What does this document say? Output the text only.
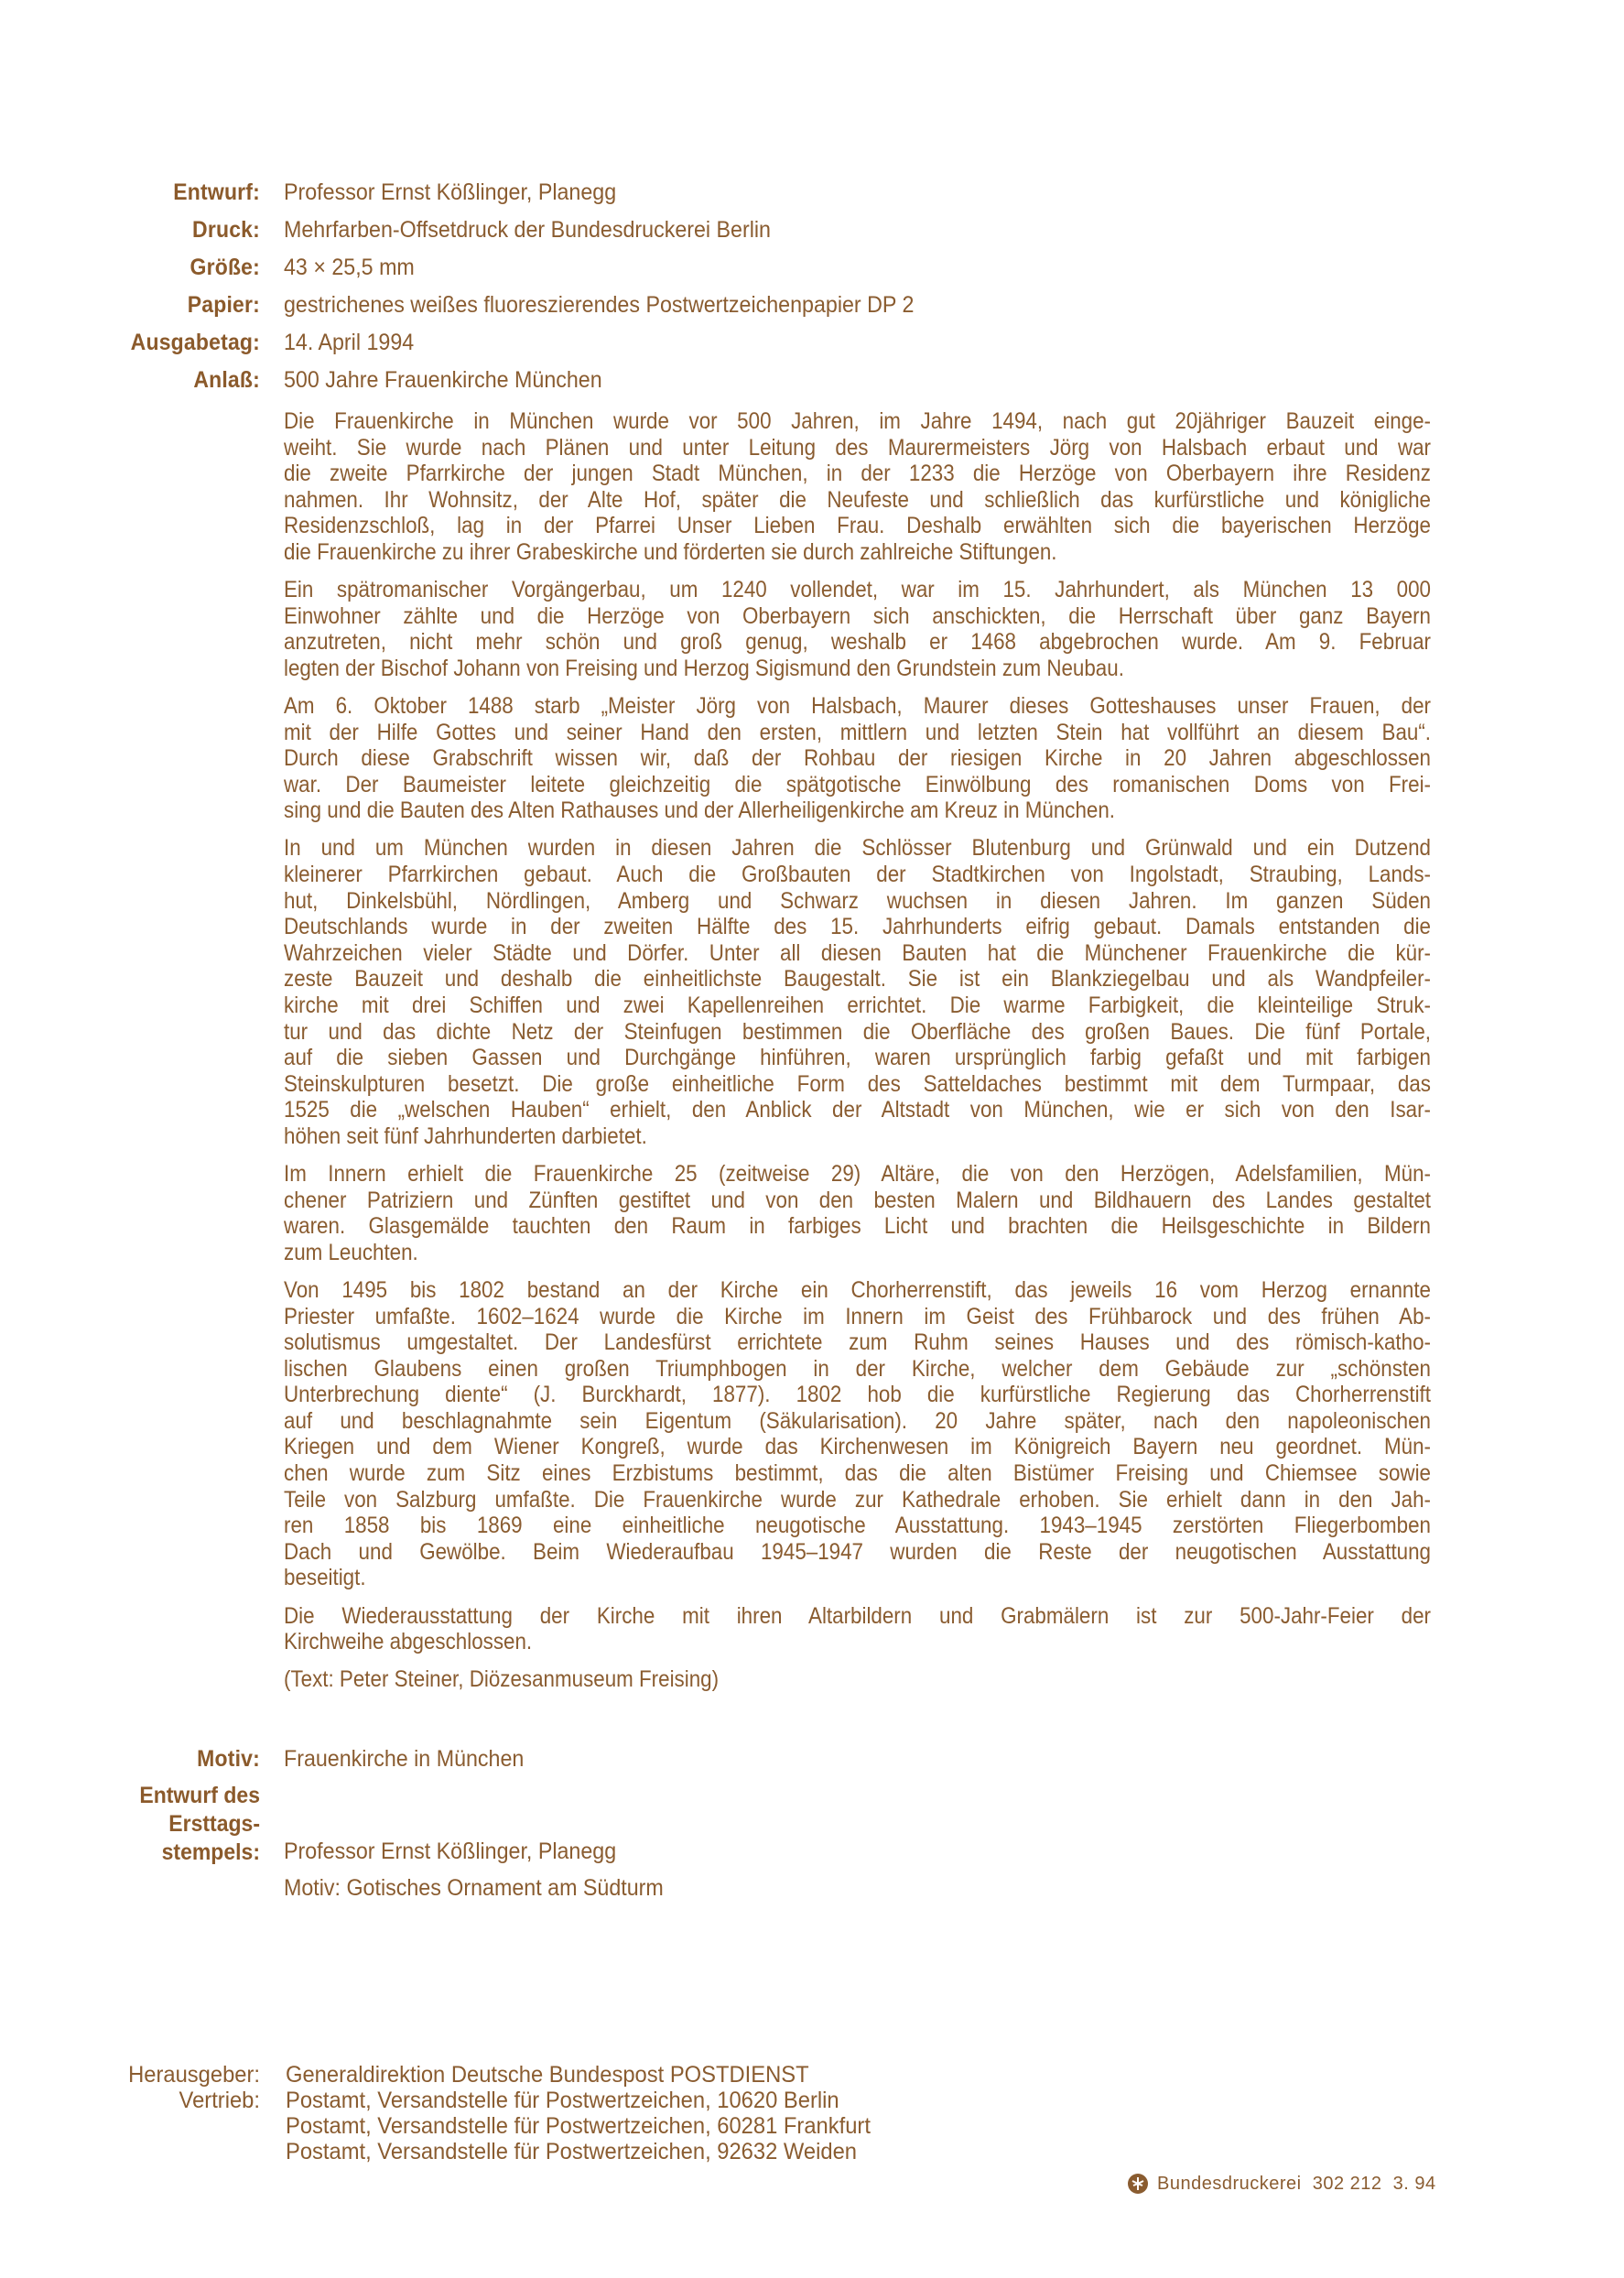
Entwurf: Professor Ernst Kößlinger, Planegg
Druck: Mehrfarben-Offsetdruck der Bundesdruckerei Berlin
Größe: 43 × 25,5 mm
Papier: gestrichenes weißes fluoreszierendes Postwertzeichenpapier DP 2
Ausgabetag: 14. April 1994
Anlaß: 500 Jahre Frauenkirche München

Die Frauenkirche in München wurde vor 500 Jahren, im Jahre 1494, nach gut 20jähriger Bauzeit einge-
weiht. Sie wurde nach Plänen und unter Leitung des Maurermeisters Jörg von Halsbach erbaut und war
die zweite Pfarrkirche der jungen Stadt München, in der 1233 die Herzöge von Oberbayern ihre Residenz
nahmen. Ihr Wohnsitz, der Alte Hof, später die Neufeste und schließlich das kurfürstliche und königliche
Residenzschloß, lag in der Pfarrei Unser Lieben Frau. Deshalb erwählten sich die bayerischen Herzöge
die Frauenkirche zu ihrer Grabeskirche und förderten sie durch zahlreiche Stiftungen.

Ein spätromanischer Vorgängerbau, um 1240 vollendet, war im 15. Jahrhundert, als München 13 000
Einwohner zählte und die Herzöge von Oberbayern sich anschickten, die Herrschaft über ganz Bayern
anzutreten, nicht mehr schön und groß genug, weshalb er 1468 abgebrochen wurde. Am 9. Februar
legten der Bischof Johann von Freising und Herzog Sigismund den Grundstein zum Neubau.

Am 6. Oktober 1488 starb „Meister Jörg von Halsbach, Maurer dieses Gotteshauses unser Frauen, der
mit der Hilfe Gottes und seiner Hand den ersten, mittlern und letzten Stein hat vollführt an diesem Bau“.
Durch diese Grabschrift wissen wir, daß der Rohbau der riesigen Kirche in 20 Jahren abgeschlossen
war. Der Baumeister leitete gleichzeitig die spätgotische Einwölbung des romanischen Doms von Frei-
sing und die Bauten des Alten Rathauses und der Allerheiligenkirche am Kreuz in München.

In und um München wurden in diesen Jahren die Schlösser Blutenburg und Grünwald und ein Dutzend
kleinerer Pfarrkirchen gebaut. Auch die Großbauten der Stadtkirchen von Ingolstadt, Straubing, Lands-
hut, Dinkelsbühl, Nördlingen, Amberg und Schwarz wuchsen in diesen Jahren. Im ganzen Süden
Deutschlands wurde in der zweiten Hälfte des 15. Jahrhunderts eifrig gebaut. Damals entstanden die
Wahrzeichen vieler Städte und Dörfer. Unter all diesen Bauten hat die Münchener Frauenkirche die kür-
zeste Bauzeit und deshalb die einheitlichste Baugestalt. Sie ist ein Blankziegelbau und als Wandpfeiler-
kirche mit drei Schiffen und zwei Kapellenreihen errichtet. Die warme Farbigkeit, die kleinteilige Struk-
tur und das dichte Netz der Steinfugen bestimmen die Oberfläche des großen Baues. Die fünf Portale,
auf die sieben Gassen und Durchgänge hinführen, waren ursprünglich farbig gefaßt und mit farbigen
Steinskulpturen besetzt. Die große einheitliche Form des Satteldaches bestimmt mit dem Turmpaar, das
1525 die „welschen Hauben“ erhielt, den Anblick der Altstadt von München, wie er sich von den Isar-
höhen seit fünf Jahrhunderten darbietet.

Im Innern erhielt die Frauenkirche 25 (zeitweise 29) Altäre, die von den Herzögen, Adelsfamilien, Mün-
chener Patriziern und Zünften gestiftet und von den besten Malern und Bildhauern des Landes gestaltet
waren. Glasgemälde tauchten den Raum in farbiges Licht und brachten die Heilsgeschichte in Bildern
zum Leuchten.

Von 1495 bis 1802 bestand an der Kirche ein Chorherrenstift, das jeweils 16 vom Herzog ernannte
Priester umfaßte. 1602–1624 wurde die Kirche im Innern im Geist des Frühbarock und des frühen Ab-
solutismus umgestaltet. Der Landesfürst errichtete zum Ruhm seines Hauses und des römisch-katho-
lischen Glaubens einen großen Triumphbogen in der Kirche, welcher dem Gebäude zur „schönsten
Unterbrechung diente“ (J. Burckhardt, 1877). 1802 hob die kurfürstliche Regierung das Chorherrenstift
auf und beschlagnahmte sein Eigentum (Säkularisation). 20 Jahre später, nach den napoleonischen
Kriegen und dem Wiener Kongreß, wurde das Kirchenwesen im Königreich Bayern neu geordnet. Mün-
chen wurde zum Sitz eines Erzbistums bestimmt, das die alten Bistümer Freising und Chiemsee sowie
Teile von Salzburg umfaßte. Die Frauenkirche wurde zur Kathedrale erhoben. Sie erhielt dann in den Jah-
ren 1858 bis 1869 eine einheitliche neugotische Ausstattung. 1943–1945 zerstörten Fliegerbomben
Dach und Gewölbe. Beim Wiederaufbau 1945–1947 wurden die Reste der neugotischen Ausstattung
beseitigt.

Die Wiederausstattung der Kirche mit ihren Altarbildern und Grabmälern ist zur 500-Jahr-Feier der
Kirchweihe abgeschlossen.

(Text: Peter Steiner, Diözesanmuseum Freising)

Motiv: Frauenkirche in München
Entwurf des
Ersttags-
stempels: Professor Ernst Kößlinger, Planegg
Motiv: Gotisches Ornament am Südturm
Herausgeber: Generaldirektion Deutsche Bundespost POSTDIENST
Vertrieb: Postamt, Versandstelle für Postwertzeichen, 10620 Berlin
Postamt, Versandstelle für Postwertzeichen, 60281 Frankfurt
Postamt, Versandstelle für Postwertzeichen, 92632 Weiden
Bundesdruckerei  302 212  3. 94
